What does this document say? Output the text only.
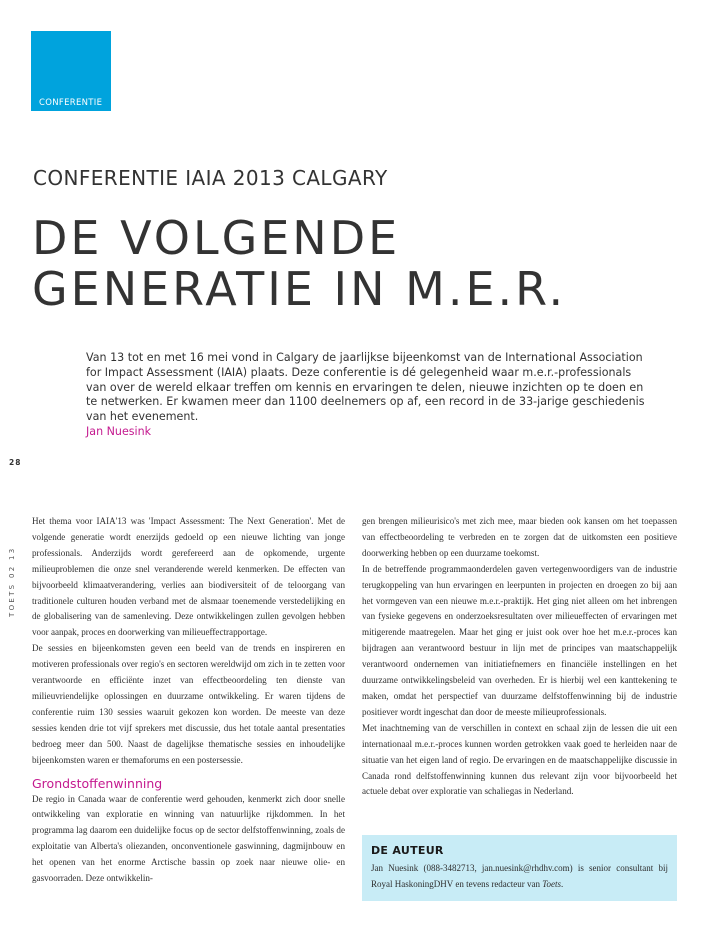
CONFERENTIE
CONFERENTIE IAIA 2013 CALGARY
DE VOLGENDE
GENERATIE IN M.E.R.

Van 13 tot en met 16 mei vond in Calgary de jaarlijkse bijeenkomst van de International Association for Impact Assessment (IAIA) plaats. Deze conferentie is dé gelegenheid waar m.e.r.-professionals van over de wereld elkaar treffen om kennis en ervaringen te delen, nieuwe inzichten op te doen en te netwerken. Er kwamen meer dan 1100 deelnemers op af, een record in de 33-jarige geschiedenis van het evenement.

Jan Nuesink

28
TOETS 02 13

Het thema voor IAIA'13 was 'Impact Assessment: The Next Generation'. Met de volgende generatie wordt enerzijds gedoeld op een nieuwe lichting van jonge professionals. Anderzijds wordt gerefereerd aan de opkomende, urgente milieuproblemen die onze snel veranderende wereld kenmerken. De effecten van bijvoorbeeld klimaatverandering, verlies aan biodiversiteit of de teloorgang van traditionele culturen houden verband met de alsmaar toenemende verstedelijking en de globalisering van de samenleving. Deze ontwikkelingen zullen gevolgen hebben voor aanpak, proces en doorwerking van milieueffectrapportage.

De sessies en bijeenkomsten geven een beeld van de trends en inspireren en motiveren professionals over regio's en sectoren wereldwijd om zich in te zetten voor verantwoorde en efficiënte inzet van effectbeoordeling ten dienste van milieuvriendelijke oplossingen en duurzame ontwikkeling. Er waren tijdens de conferentie ruim 130 sessies waaruit gekozen kon worden. De meeste van deze sessies kenden drie tot vijf sprekers met discussie, dus het totale aantal presentaties bedroeg meer dan 500. Naast de dagelijkse thematische sessies en inhoudelijke bijeenkomsten waren er themaforums en een postersessie.

Grondstoffenwinning

De regio in Canada waar de conferentie werd gehouden, kenmerkt zich door snelle ontwikkeling van exploratie en winning van natuurlijke rijkdommen. In het programma lag daarom een duidelijke focus op de sector delfstoffenwinning, zoals de exploitatie van Alberta's oliezanden, onconventionele gaswinning, dagmijnbouw en het openen van het enorme Arctische bassin op zoek naar nieuwe olie- en gasvoorraden. Deze ontwikkelin-

gen brengen milieurisico's met zich mee, maar bieden ook kansen om het toepassen van effectbeoordeling te verbreden en te zorgen dat de uitkomsten een positieve doorwerking hebben op een duurzame toekomst.

In de betreffende programmaonderdelen gaven vertegenwoordigers van de industrie terugkoppeling van hun ervaringen en leerpunten in projecten en droegen zo bij aan het vormgeven van een nieuwe m.e.r.-praktijk. Het ging niet alleen om het inbrengen van fysieke gegevens en onderzoeksresultaten over milieueffecten of ervaringen met mitigerende maatregelen. Maar het ging er juist ook over hoe het m.e.r.-proces kan bijdragen aan verantwoord bestuur in lijn met de principes van maatschappelijk verantwoord ondernemen van initiatiefnemers en financiële instellingen en het duurzame ontwikkelingsbeleid van overheden. Er is hierbij wel een kanttekening te maken, omdat het perspectief van duurzame delfstoffenwinning bij de industrie positiever wordt ingeschat dan door de meeste milieuprofessionals.

Met inachtneming van de verschillen in context en schaal zijn de lessen die uit een internationaal m.e.r.-proces kunnen worden getrokken vaak goed te herleiden naar de situatie van het eigen land of regio. De ervaringen en de maatschappelijke discussie in Canada rond delfstoffenwinning kunnen dus relevant zijn voor bijvoorbeeld het actuele debat over exploratie van schaliegas in Nederland.

DE AUTEUR

Jan Nuesink (088-3482713, jan.nuesink@rhdhv.com) is senior consultant bij Royal HaskoningDHV en tevens redacteur van Toets.
